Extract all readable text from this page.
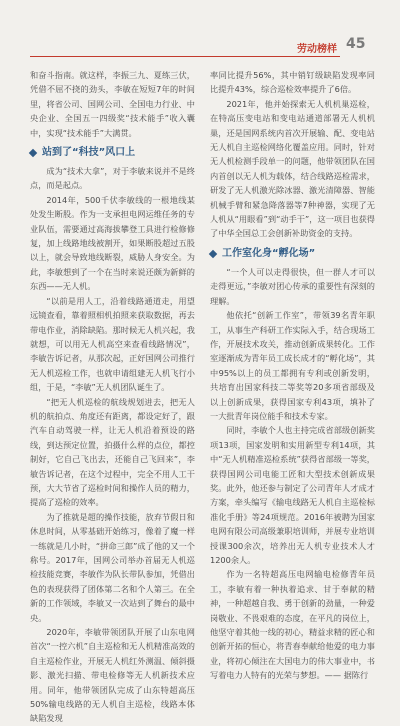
劳动榜样 45

和奋斗指南。就这样，李振三九、夏练三伏，凭借不屈不挠的劲头，李敏在短短7年的时间里，将省公司、国网公司、全国电力行业、中央企业、全国五一四级奖“技术能手”收入囊中，实现“技术能手”大满贯。

站到了“科技”风口上

成为“技术大拿”，对于李敏来说并不是终点，而是起点。

2014年，500千伏李敏线的一根地线某处发生断股。作为一支承担电网运维任务的专业队伍，需要通过高海拔攀登工具进行检修修复，加上线路地线被割开，如果断股超过五股以上，就会导致地线断裂，威胁人身安全。为此，李敏想到了一个在当时来说还颇为新鲜的东西——无人机。

“以前是用人工，沿着线路通道走，用望远镜查看，靠着照相机拍照来获取数据，再去带电作业，消除缺陷。那时候无人机兴起，我就想，可以用无人机高空来查看线路情况”，李敏告诉记者，从那次起，正好国网公司推行无人机巡检工作，也就申请组建无人机飞行小组，于是，“李敏”无人机团队诞生了。

“把无人机巡检的航线规划进去，把无人机的航拍点、角度还有距离，都设定好了，跟汽车自动驾驶一样，让无人机沿着预设的路线，到达预定位置，拍摄什么样的点位，都控制好，它自己飞出去，还能自己飞回来”，李敏告诉记者，在这个过程中，完全不用人工干预，大大节省了巡检时间和操作人员的精力，提高了巡检的效率。

为了推就是超的操作技能，放弃节假日和休息时间，从零基础开始练习，像着了魔一样一练就是几小时，“拼命三郎”成了他的又一个称号。2017年，国网公司举办首届无人机巡检技能竞赛，李敏作为队长带队参加，凭借出色的表现获得了团体第二名和个人第三。在全新的工作领域，李敏又一次站到了舞台的最中央。

2020年，李敏带领团队开展了山东电网首次“一控六机”自主巡检和无人机精准高效的自主巡检作业，开展无人机红外测温、倾斜摄影、激光扫描、带电检修等无人机新技术应用。同年，他带领团队完成了山东特超高压50%输电线路的无人机自主巡检，线路本体缺陷发现

率同比提升56%，其中销钉级缺陷发现率同比提升43%，综合巡检效率提升了6倍。

2021年，他并始探索无人机机巢巡检，在特高压变电站和变电站通道部署无人机机巢，还是国网系统内首次开展输、配、变电站无人机自主巡检网络化覆盖应用。同时，针对无人机检测手段单一的问题，他带领团队在国内首创以无人机为载体，结合线路巡检需求，研发了无人机激光除冰器、激光清障器、智能机械手臂和紧急降落器等7种神器，实现了无人机从“用眼看”到“动手干”，这一项目也获得了中华全国总工会创新补助资金的支持。

工作室化身“孵化场”

“一个人可以走得很快，但一群人才可以走得更远，”李敏对团心传承的重要性有深刻的理解。

他依托“创新工作室”，带领39名青年职工，从事生产科研工作实际入手，结合现场工作，开展技术攻关，推动创新成果转化。工作室逐渐成为青年员工成长成才的“孵化场”，其中95%以上的员工都拥有专利或创新发明，共培育出国家科技二等奖等20多项省部级及以上创新成果，获得国家专利43项，填补了一大批青年岗位能手和技术专家。

同时，李敏个人也主持完成省部级创新奖项13项，国家发明和实用新型专利14项，其中“无人机精准巡检系统”获得省部级一等奖，获得国网公司电能工匠和大型技术创新成果奖。此外，他还参与制定了公司青年人才成才方案，牵头编写《输电线路无人机自主巡检标准化手册》等24项规范。2016年被聘为国家电网有限公司高级兼职培训师，并展专业培训授课300余次，培养出无人机专业技术人才1200余人。

作为一名特超高压电网输电检修青年员工，李敏有着一种执着追求、甘于奉献的精神，一种超越自我、勇于创新的劲量，一种爱岗敬业、不畏艰难的态度，在平凡的岗位上，他坚守着其他一线的初心，精益求精的匠心和创新开拓的恒心，将青春奉献给他爱的电力事业，将初心倾注在大国电力的伟大事业中，书写着电力人特有的光荣与梦想。—— 据陈行
